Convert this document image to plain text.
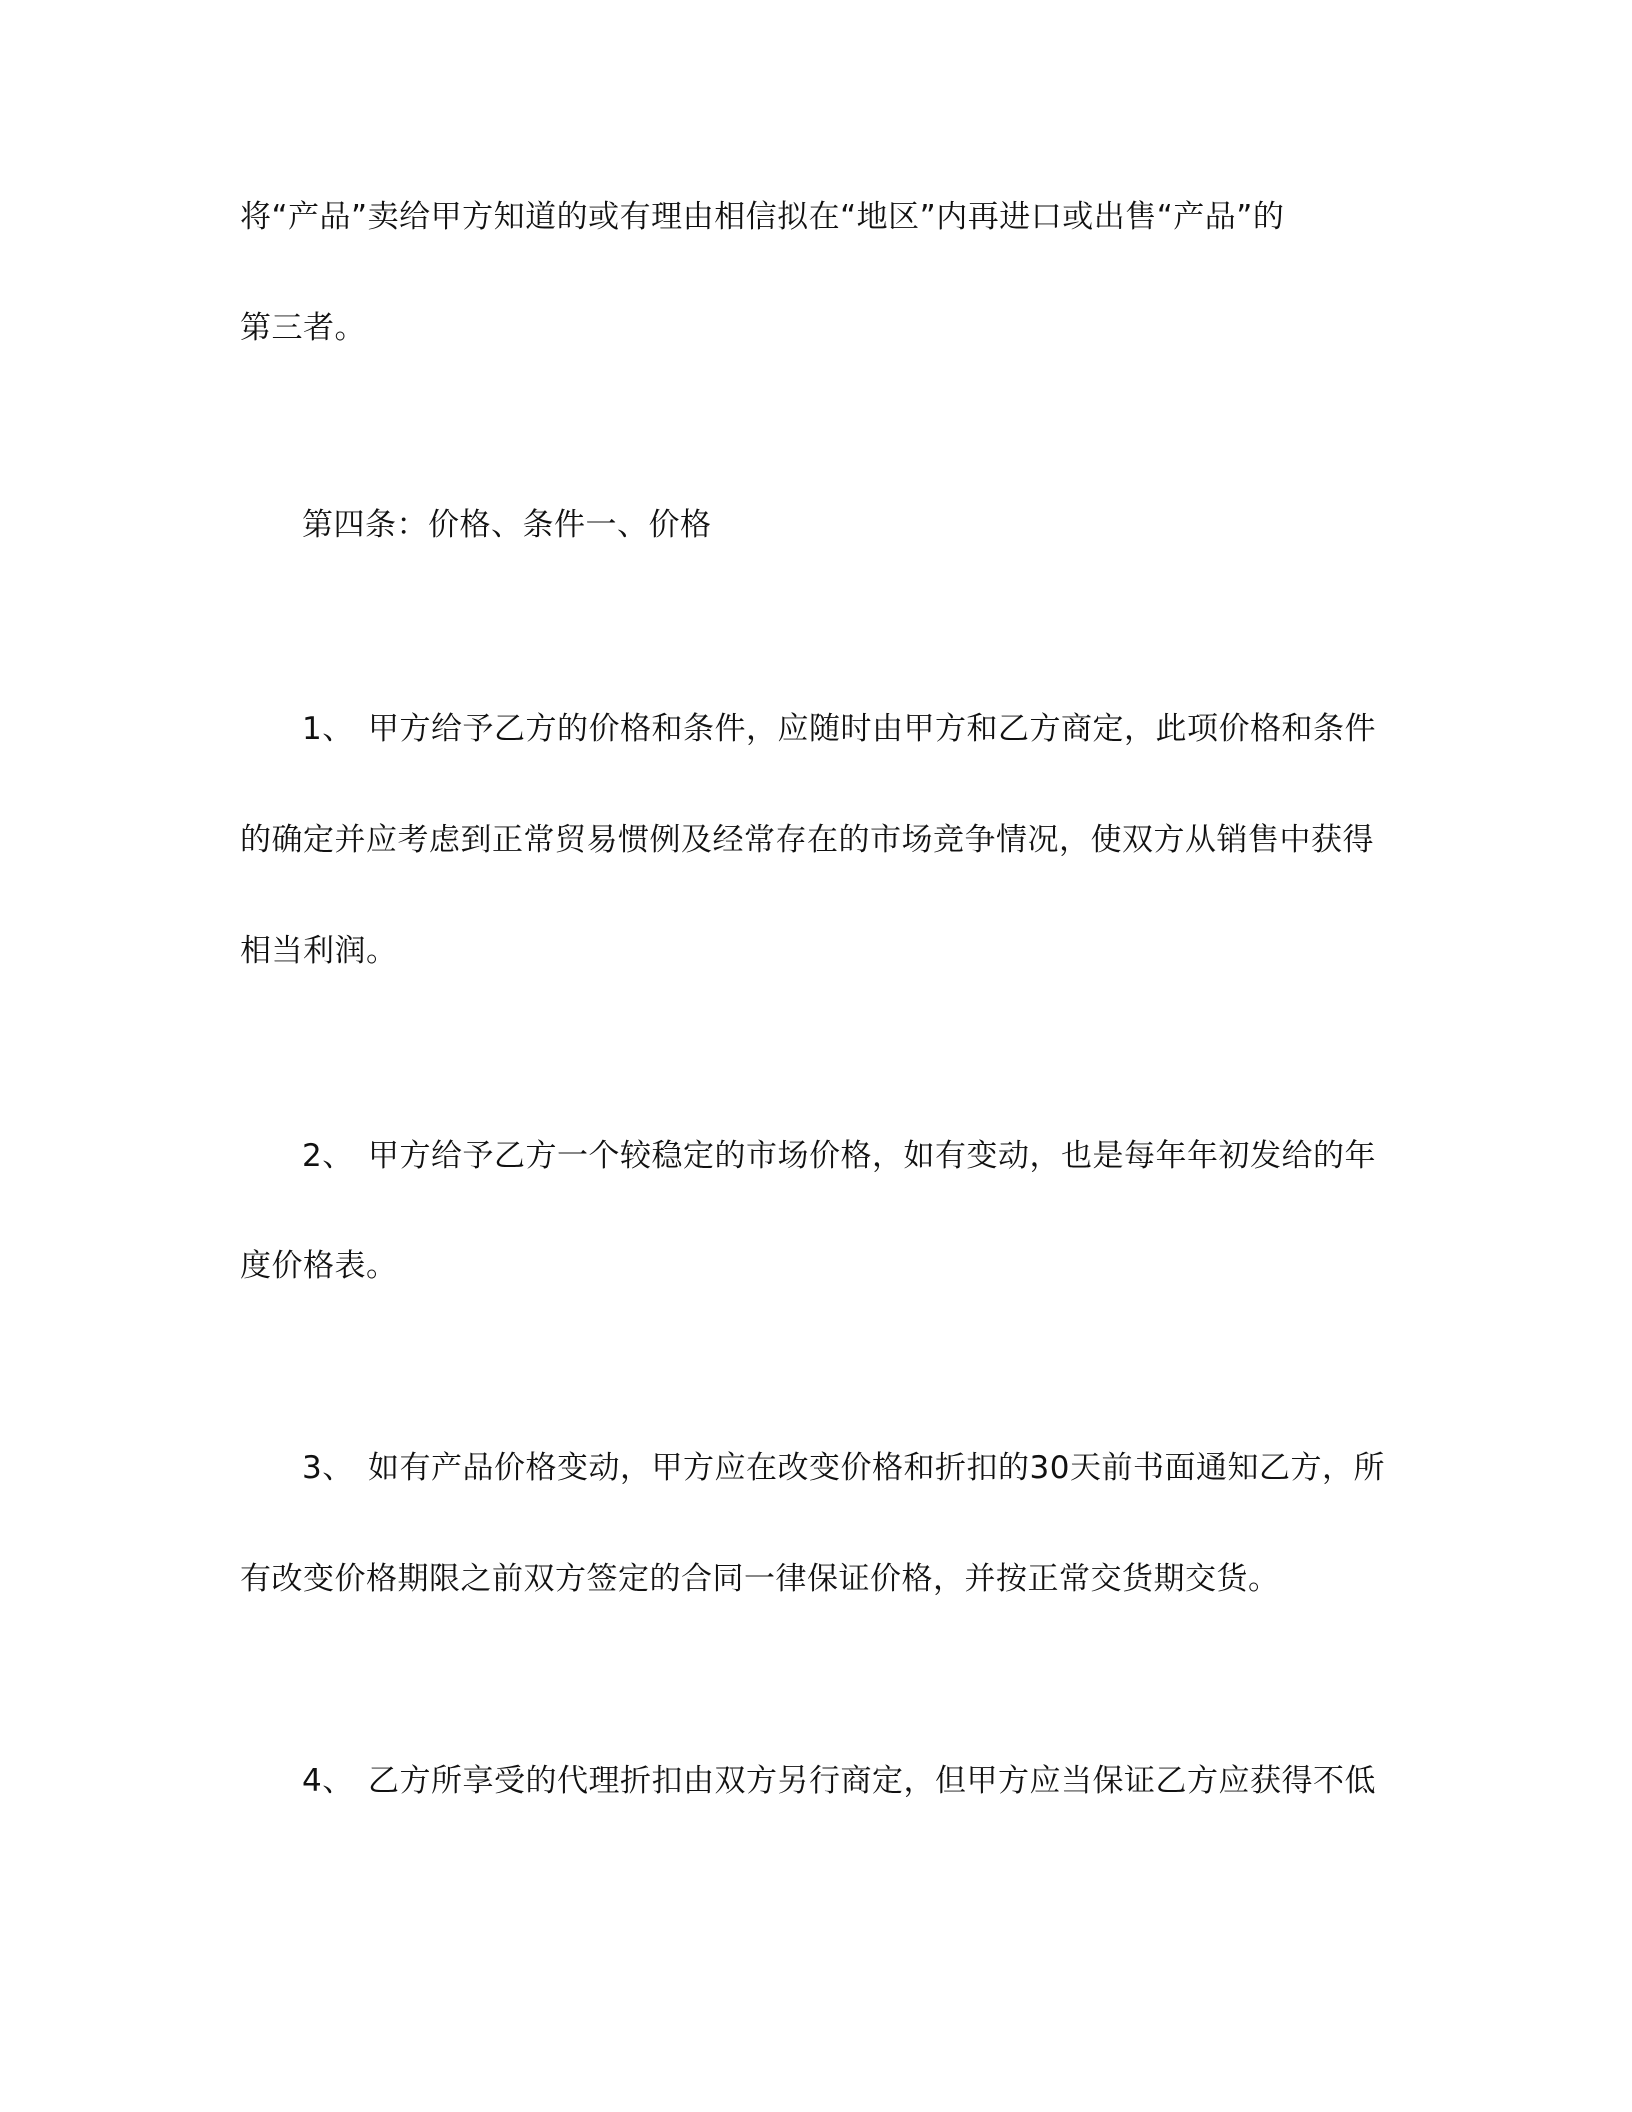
将“产品”卖给甲方知道的或有理由相信拟在“地区”内再进口或出售“产品”的
第三者。
第四条：价格、条件一、价格
1、 甲方给予乙方的价格和条件，应随时由甲方和乙方商定，此项价格和条件
的确定并应考虑到正常贸易惯例及经常存在的市场竞争情况，使双方从销售中获得
相当利润。
2、 甲方给予乙方一个较稳定的市场价格，如有变动，也是每年年初发给的年
度价格表。
3、 如有产品价格变动，甲方应在改变价格和折扣的30天前书面通知乙方，所
有改变价格期限之前双方签定的合同一律保证价格，并按正常交货期交货。
4、 乙方所享受的代理折扣由双方另行商定，但甲方应当保证乙方应获得不低
